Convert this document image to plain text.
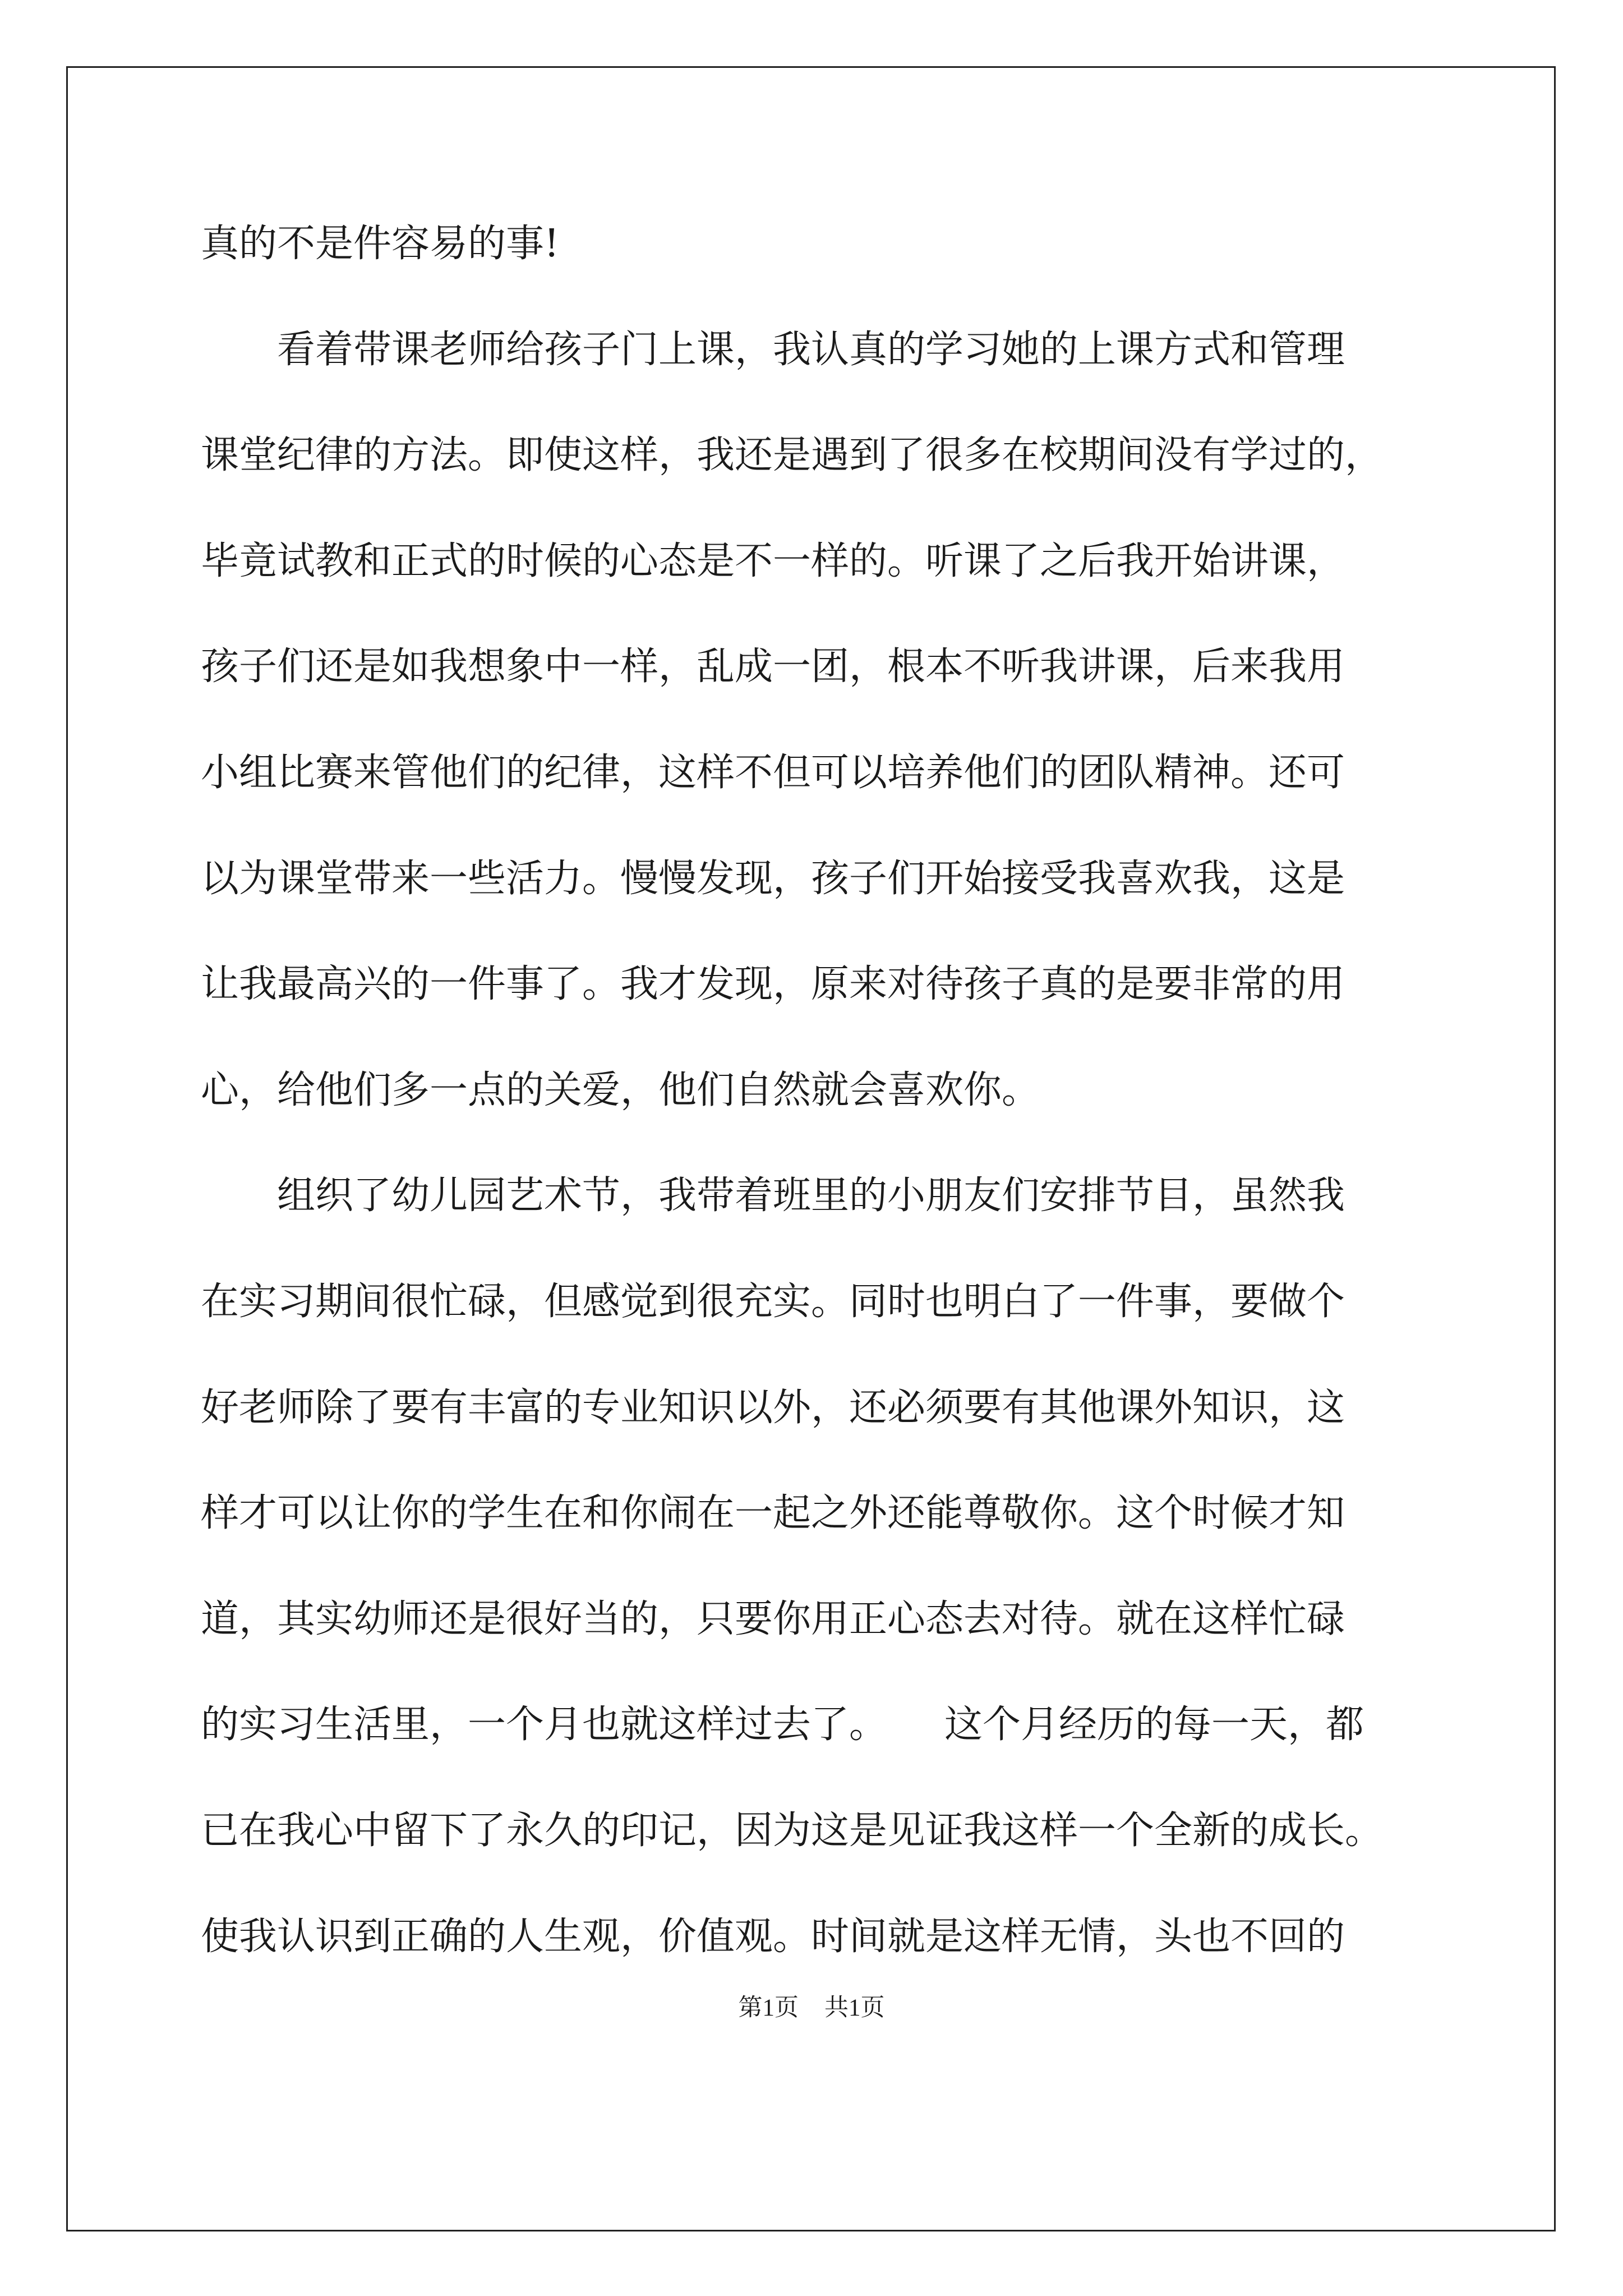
真的不是件容易的事!
　　看着带课老师给孩子门上课，我认真的学习她的上课方式和管理
课堂纪律的方法。即使这样，我还是遇到了很多在校期间没有学过的，
毕竟试教和正式的时候的心态是不一样的。听课了之后我开始讲课，
孩子们还是如我想象中一样，乱成一团，根本不听我讲课，后来我用
小组比赛来管他们的纪律，这样不但可以培养他们的团队精神。还可
以为课堂带来一些活力。慢慢发现，孩子们开始接受我喜欢我，这是
让我最高兴的一件事了。我才发现，原来对待孩子真的是要非常的用
心，给他们多一点的关爱，他们自然就会喜欢你。
　　组织了幼儿园艺术节，我带着班里的小朋友们安排节目，虽然我
在实习期间很忙碌，但感觉到很充实。同时也明白了一件事，要做个
好老师除了要有丰富的专业知识以外，还必须要有其他课外知识，这
样才可以让你的学生在和你闹在一起之外还能尊敬你。这个时候才知
道，其实幼师还是很好当的，只要你用正心态去对待。就在这样忙碌
的实习生活里，一个月也就这样过去了。　　这个月经历的每一天，都
已在我心中留下了永久的印记，因为这是见证我这样一个全新的成长。
使我认识到正确的人生观，价值观。时间就是这样无情，头也不回的
第1页 共1页
